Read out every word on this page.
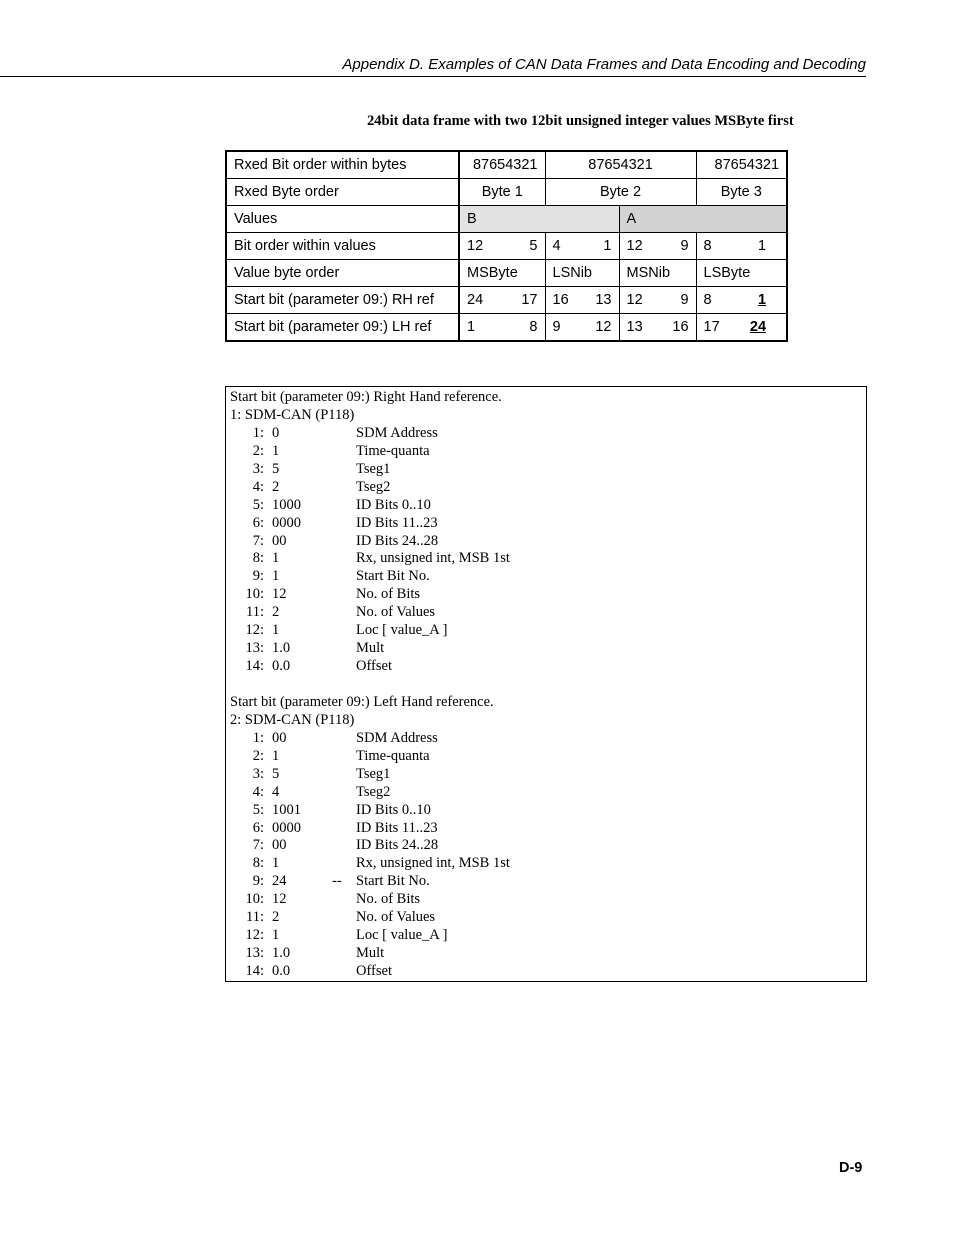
Appendix D. Examples of CAN Data Frames and Data Encoding and Decoding
24bit data frame with two 12bit unsigned integer values MSByte first
Rxed Bit order within bytes	87654321	87654321		87654321
Rxed Byte order	Byte 1	Byte 2		Byte 3
Values	B		A	
Bit order within values	12 5	4 1	12 9	8 1

Value byte order	MSByte	LSNib	MSNib	LSByte
Start bit (parameter 09:) RH ref	24 17	16 13	12 9	8 1

Start bit (parameter 09:) LH ref	1 8	9 12	13 16	17 24
Start bit (parameter 09:) Right Hand reference.
1: SDM-CAN (P118)
1: 0	SDM Address
2: 1	Time-quanta
3: 5	Tseg1
4: 2	Tseg2
5: 1000	ID Bits 0..10
6: 0000	ID Bits 11..23
7: 00	ID Bits 24..28
8: 1	Rx, unsigned int, MSB 1st
9: 1	Start Bit No.
10: 12	No. of Bits
11: 2	No. of Values
12: 1	Loc [ value_A ]
13: 1.0	Mult
14: 0.0	Offset
Start bit (parameter 09:) Left Hand reference.
2: SDM-CAN (P118)
1: 00	SDM Address
2: 1	Time-quanta
3: 5	Tseg1
4: 4	Tseg2
5: 1001	ID Bits 0..10
6: 0000	ID Bits 11..23
7: 00	ID Bits 24..28
8: 1	Rx, unsigned int, MSB 1st
9: 24	-- Start Bit No.
10: 12	No. of Bits
11: 2	No. of Values
12: 1	Loc [ value_A ]
13: 1.0	Mult
14: 0.0	Offset
D-9
